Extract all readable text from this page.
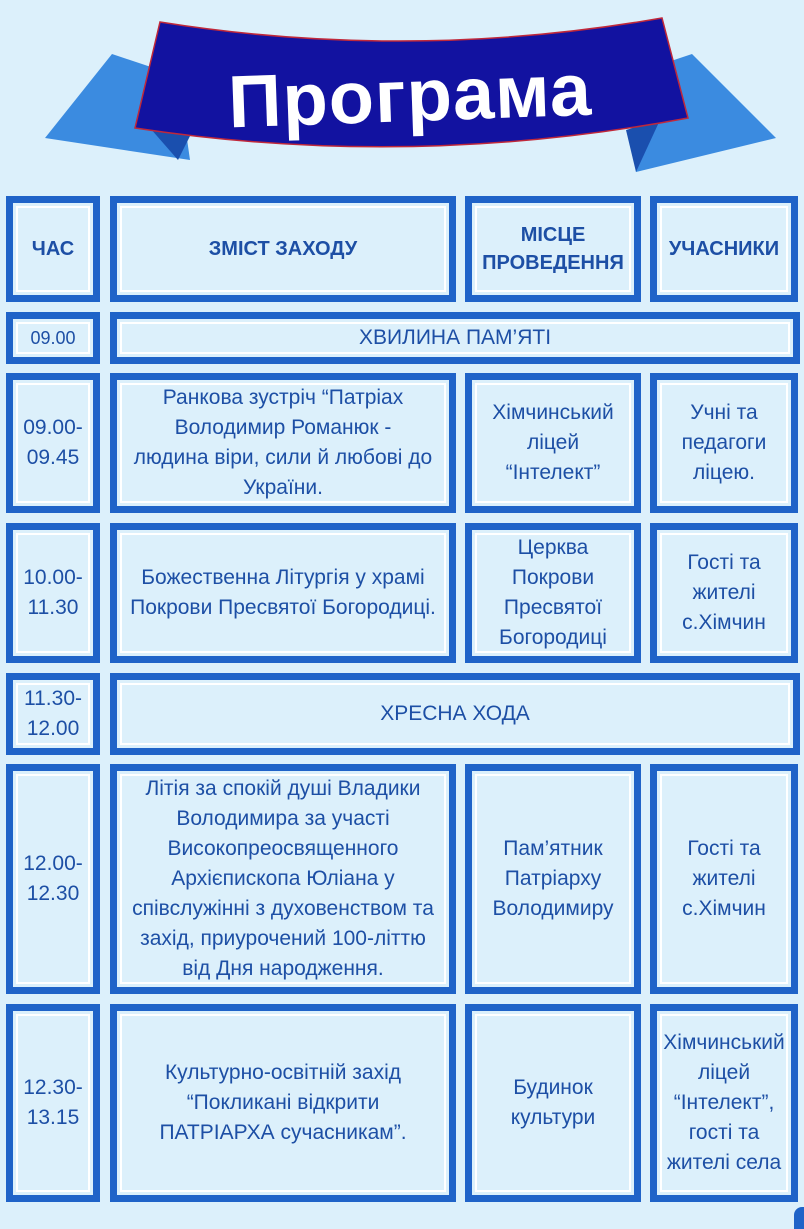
Програма
ЧАС	ЗМІСТ ЗАХОДУ
МІСЦЕ
ПРОВЕДЕННЯ
УЧАСНИКИ
09.00	ХВИЛИНА ПАМ’ЯТІ
09.00-
09.45
Ранкова зустріч “Патріах
Володимир Романюк -
людина віри, сили й любові до
України.
Хімчинський
ліцей
“Інтелект”
Учні та
педагоги
ліцею.
10.00-
11.30
Божественна Літургія у храмі
Покрови Пресвятої Богородиці.
Церква
Покрови
Пресвятої
Богородиці
Гості та
жителі
с.Хімчин
11.30-
12.00
ХРЕСНА ХОДА
12.00-
12.30
Літія за спокій душі Владики
Володимира за участі
Високопреосвященного
Архієпископа Юліана у
співслужінні з духовенством та
захід, приурочений 100-літтю
від Дня народження.
Пам’ятник
Патріарху
Володимиру
Гості та
жителі
с.Хімчин
12.30-
13.15
Культурно-освітній захід
“Покликані відкрити
ПАТРІАРХА сучасникам”.
Будинок
культури
Хімчинський
ліцей
“Інтелект”,
гості та
жителі села
